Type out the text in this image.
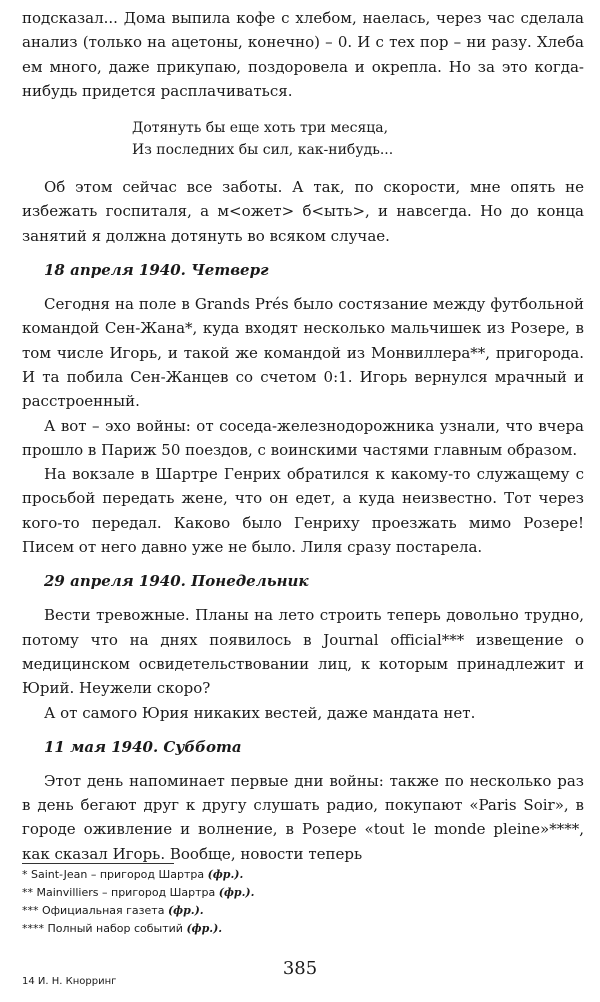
подсказал... Дома выпила кофе с хлебом, наелась, через час сделала анализ (только на ацетоны, конечно) – 0. И с тех пор – ни разу. Хлеба ем много, даже прикупаю, поздоровела и окрепла. Но за это когда-нибудь придется расплачиваться.

Дотянуть бы еще хоть три месяца,
Из последних бы сил, как-нибудь...

Об этом сейчас все заботы. А так, по скорости, мне опять не избежать госпиталя, а м<ожет> б<ыть>, и навсегда. Но до конца занятий я должна дотянуть во всяком случае.

18 апреля 1940. Четверг

Сегодня на поле в Grands Prés было состязание между футбольной командой Сен-Жана*, куда входят несколько мальчишек из Розере, в том числе Игорь, и такой же командой из Монвиллера**, пригорода. И та побила Сен-Жанцев со счетом 0:1. Игорь вернулся мрачный и расстроенный.

А вот – эхо войны: от соседа-железнодорожника узнали, что вчера прошло в Париж 50 поездов, с воинскими частями главным образом.

На вокзале в Шартре Генрих обратился к какому-то служащему с просьбой передать жене, что он едет, а куда неизвестно. Тот через кого-то передал. Каково было Генриху проезжать мимо Розере! Писем от него давно уже не было. Лиля сразу постарела.

29 апреля 1940. Понедельник

Вести тревожные. Планы на лето строить теперь довольно трудно, потому что на днях появилось в Journal official*** извещение о медицинском освидетельствовании лиц, к которым принадлежит и Юрий. Неужели скоро?

А от самого Юрия никаких вестей, даже мандата нет.

11 мая 1940. Суббота

Этот день напоминает первые дни войны: также по несколько раз в день бегают друг к другу слушать радио, покупают «Paris Soir», в городе оживление и волнение, в Розере «tout le monde pleine»****, как сказал Игорь. Вообще, новости теперь

* Saint-Jean – пригород Шартра (фр.).
** Mainvilliers – пригород Шартра (фр.).
*** Официальная газета (фр.).
**** Полный набор событий (фр.).
385
14 И. Н. Кнорринг
